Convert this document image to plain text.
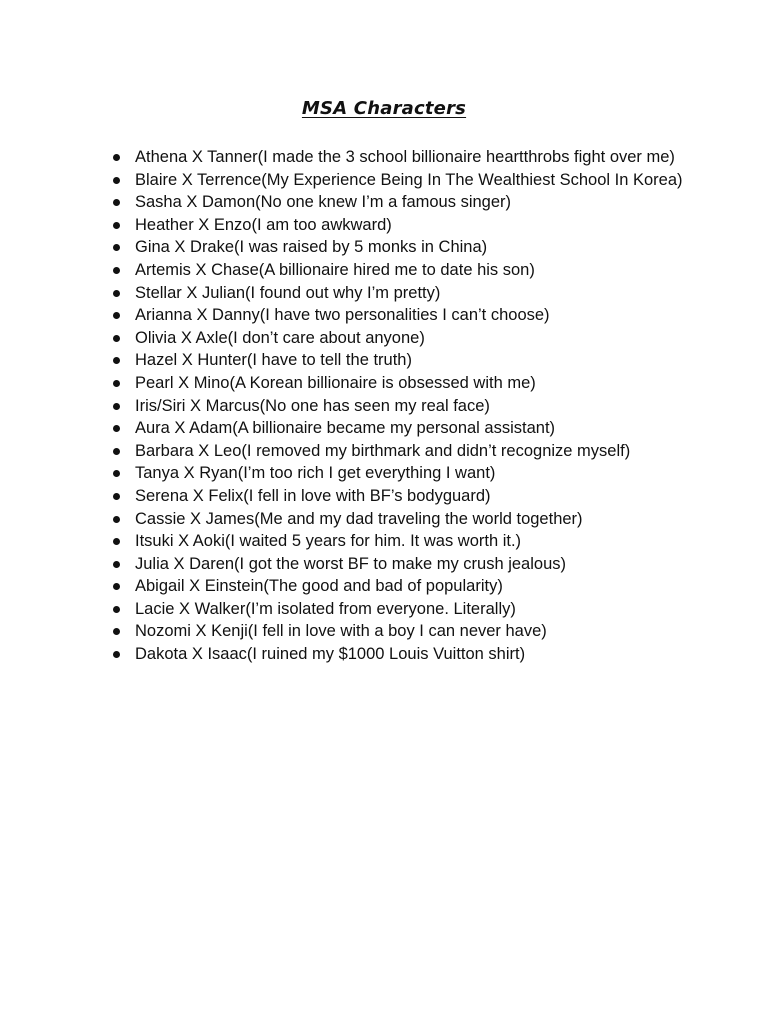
MSA Characters
Athena X Tanner(I made the 3 school billionaire heartthrobs fight over me)
Blaire X Terrence(My Experience Being In The Wealthiest School In Korea)
Sasha X Damon(No one knew I’m a famous singer)
Heather X Enzo(I am too awkward)
Gina X Drake(I was raised by 5 monks in China)
Artemis X Chase(A billionaire hired me to date his son)
Stellar X Julian(I found out why I’m pretty)
Arianna X Danny(I have two personalities I can’t choose)
Olivia X Axle(I don’t care about anyone)
Hazel X Hunter(I have to tell the truth)
Pearl X Mino(A Korean billionaire is obsessed with me)
Iris/Siri X Marcus(No one has seen my real face)
Aura X Adam(A billionaire became my personal assistant)
Barbara X Leo(I removed my birthmark and didn’t recognize myself)
Tanya X Ryan(I’m too rich I get everything I want)
Serena X Felix(I fell in love with BF’s bodyguard)
Cassie X James(Me and my dad traveling the world together)
Itsuki X Aoki(I waited 5 years for him. It was worth it.)
Julia X Daren(I got the worst BF to make my crush jealous)
Abigail X Einstein(The good and bad of popularity)
Lacie X Walker(I’m isolated from everyone. Literally)
Nozomi X Kenji(I fell in love with a boy I can never have)
Dakota X Isaac(I ruined my $1000 Louis Vuitton shirt)
